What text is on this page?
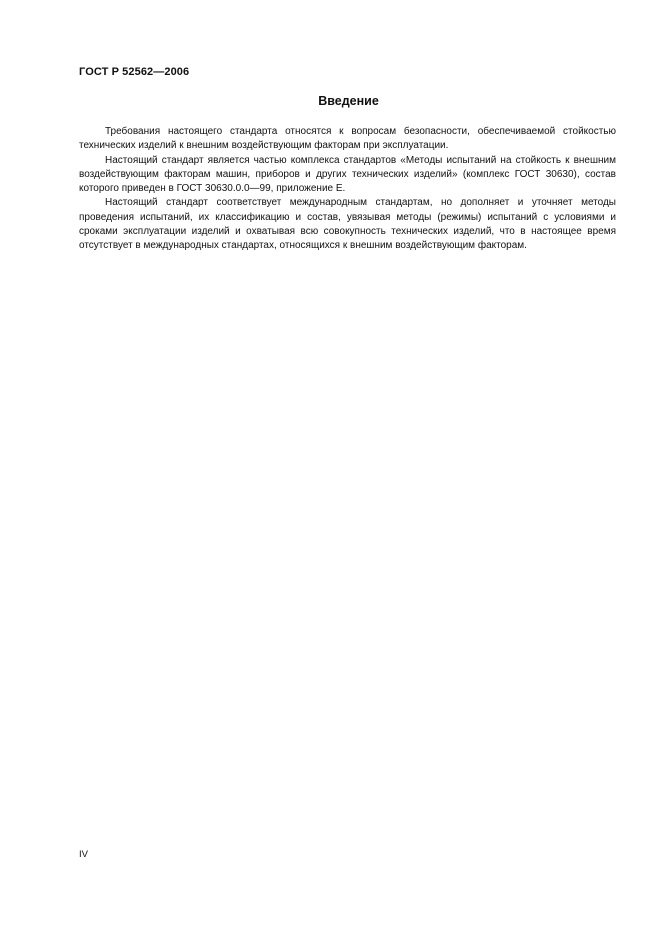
ГОСТ Р 52562—2006
Введение

Требования настоящего стандарта относятся к вопросам безопасности, обеспечиваемой стойкостью технических изделий к внешним воздействующим факторам при эксплуатации.

Настоящий стандарт является частью комплекса стандартов «Методы испытаний на стойкость к внешним воздействующим факторам машин, приборов и других технических изделий» (комплекс ГОСТ 30630), состав которого приведен в ГОСТ 30630.0.0—99, приложение Е.

Настоящий стандарт соответствует международным стандартам, но дополняет и уточняет методы проведения испытаний, их классификацию и состав, увязывая методы (режимы) испытаний с условиями и сроками эксплуатации изделий и охватывая всю совокупность технических изделий, что в настоящее время отсутствует в международных стандартах, относящихся к внешним воздействующим факторам.

IV
